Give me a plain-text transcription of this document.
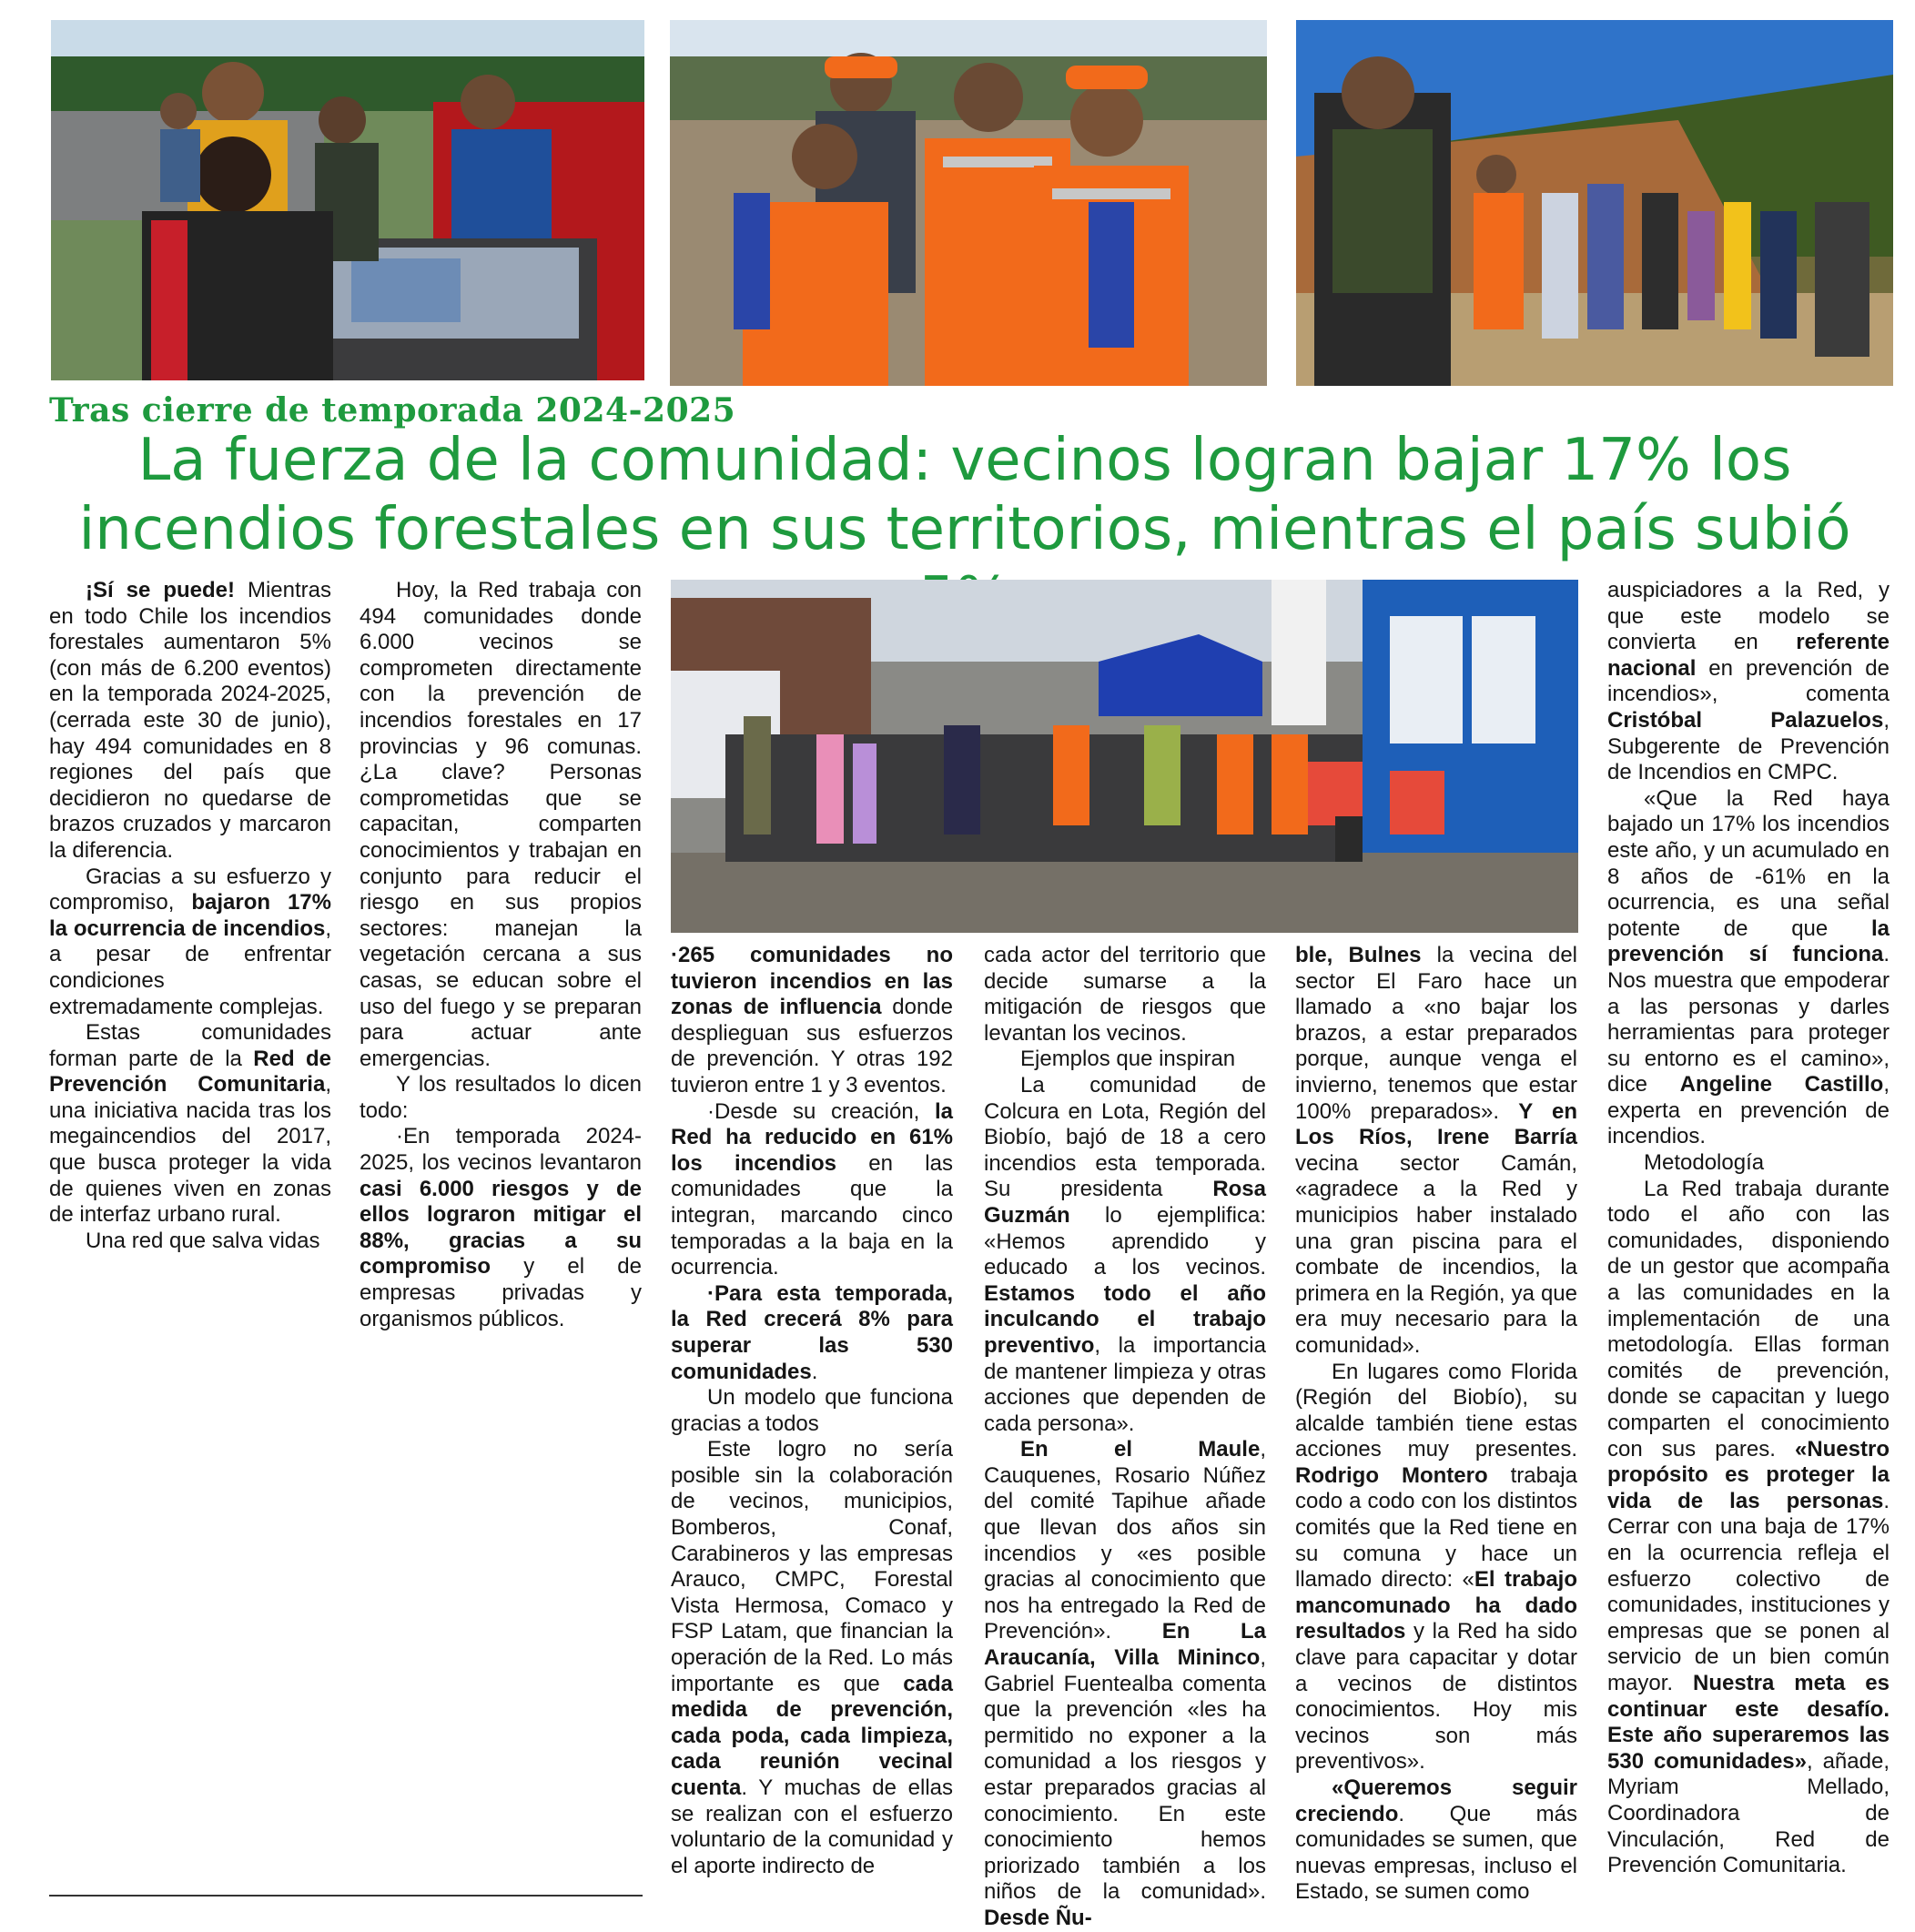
Tras cierre de temporada 2024-2025
La fuerza de la comunidad: vecinos logran bajar 17% los incendios forestales en sus territorios, mientras el país subió

¡Sí se puede! Mientras en todo Chile los incendios forestales aumentaron 5% (con más de 6.200 eventos) en la temporada 2024-2025, (cerrada este 30 de junio), hay 494 comunidades en 8 regiones del país que decidieron no quedarse de brazos cruzados y marcaron la diferencia.

Gracias a su esfuerzo y compromiso, bajaron 17% la ocurrencia de incendios, a pesar de enfrentar condiciones extremadamente complejas.

Estas comunidades forman parte de la Red de Prevención Comunitaria, una iniciativa nacida tras los megaincendios del 2017, que busca proteger la vida de quienes viven en zonas de interfaz urbano rural.

Una red que salva vidas

Hoy, la Red trabaja con 494 comunidades donde 6.000 vecinos se comprometen directamente con la prevención de incendios forestales en 17 provincias y 96 comunas. ¿La clave? Personas comprometidas que se capacitan, comparten conocimientos y trabajan en conjunto para reducir el riesgo en sus propios sectores: manejan la vegetación cercana a sus casas, se educan sobre el uso del fuego y se preparan para actuar ante emergencias.

Y los resultados lo dicen todo:

·En temporada 2024-2025, los vecinos levantaron casi 6.000 riesgos y de ellos lograron mitigar el 88%, gracias a su compromiso y el de empresas privadas y organismos públicos.

·265 comunidades no tuvieron incendios en las zonas de influencia donde desplieguan sus esfuerzos de prevención. Y otras 192 tuvieron entre 1 y 3 eventos.

·Desde su creación, la Red ha reducido en 61% los incendios en las comunidades que la integran, marcando cinco temporadas a la baja en la ocurrencia.

·Para esta temporada, la Red crecerá 8% para superar las 530 comunidades.

Un modelo que funciona gracias a todos

Este logro no sería posible sin la colaboración de vecinos, municipios, Bomberos, Conaf, Carabineros y las empresas Arauco, CMPC, Forestal Vista Hermosa, Comaco y FSP Latam, que financian la operación de la Red. Lo más importante es que cada medida de prevención, cada poda, cada limpieza, cada reunión vecinal cuenta. Y muchas de ellas se realizan con el esfuerzo voluntario de la comunidad y el aporte indirecto de

cada actor del territorio que decide sumarse a la mitigación de riesgos que levantan los vecinos.

Ejemplos que inspiran

La comunidad de Colcura en Lota, Región del Biobío, bajó de 18 a cero incendios esta temporada. Su presidenta Rosa Guzmán lo ejemplifica: «Hemos aprendido y educado a los vecinos. Estamos todo el año inculcando el trabajo preventivo, la importancia de mantener limpieza y otras acciones que dependen de cada persona».

En el Maule, Cauquenes, Rosario Núñez del comité Tapihue añade que llevan dos años sin incendios y «es posible gracias al conocimiento que nos ha entregado la Red de Prevención». En La Araucanía, Villa Mininco, Gabriel Fuentealba comenta que la prevención «les ha permitido no exponer a la comunidad a los riesgos y estar preparados gracias al conocimiento. En este conocimiento hemos priorizado también a los niños de la comunidad». Desde Ñu-

ble, Bulnes la vecina del sector El Faro hace un llamado a «no bajar los brazos, a estar preparados porque, aunque venga el invierno, tenemos que estar 100% preparados». Y en Los Ríos, Irene Barría vecina sector Camán, «agradece a la Red y municipios haber instalado una gran piscina para el combate de incendios, la primera en la Región, ya que era muy necesario para la comunidad».

En lugares como Florida (Región del Biobío), su alcalde también tiene estas acciones muy presentes. Rodrigo Montero trabaja codo a codo con los distintos comités que la Red tiene en su comuna y hace un llamado directo: «El trabajo mancomunado ha dado resultados y la Red ha sido clave para capacitar y dotar a vecinos de distintos conocimientos. Hoy mis vecinos son más preventivos».

«Queremos seguir creciendo. Que más comunidades se sumen, que nuevas empresas, incluso el Estado, se sumen como

auspiciadores a la Red, y que este modelo se convierta en referente nacional en prevención de incendios», comenta Cristóbal Palazuelos, Subgerente de Prevención de Incendios en CMPC.

«Que la Red haya bajado un 17% los incendios este año, y un acumulado en 8 años de -61% en la ocurrencia, es una señal potente de que la prevención sí funciona. Nos muestra que empoderar a las personas y darles herramientas para proteger su entorno es el camino», dice Angeline Castillo, experta en prevención de incendios.

Metodología

La Red trabaja durante todo el año con las comunidades, disponiendo de un gestor que acompaña a las comunidades en la implementación de una metodología. Ellas forman comités de prevención, donde se capacitan y luego comparten el conocimiento con sus pares. «Nuestro propósito es proteger la vida de las personas. Cerrar con una baja de 17% en la ocurrencia refleja el esfuerzo colectivo de comunidades, instituciones y empresas que se ponen al servicio de un bien común mayor. Nuestra meta es continuar este desafío. Este año superaremos las 530 comunidades», añade, Myriam Mellado, Coordinadora de Vinculación, Red de Prevención Comunitaria.
